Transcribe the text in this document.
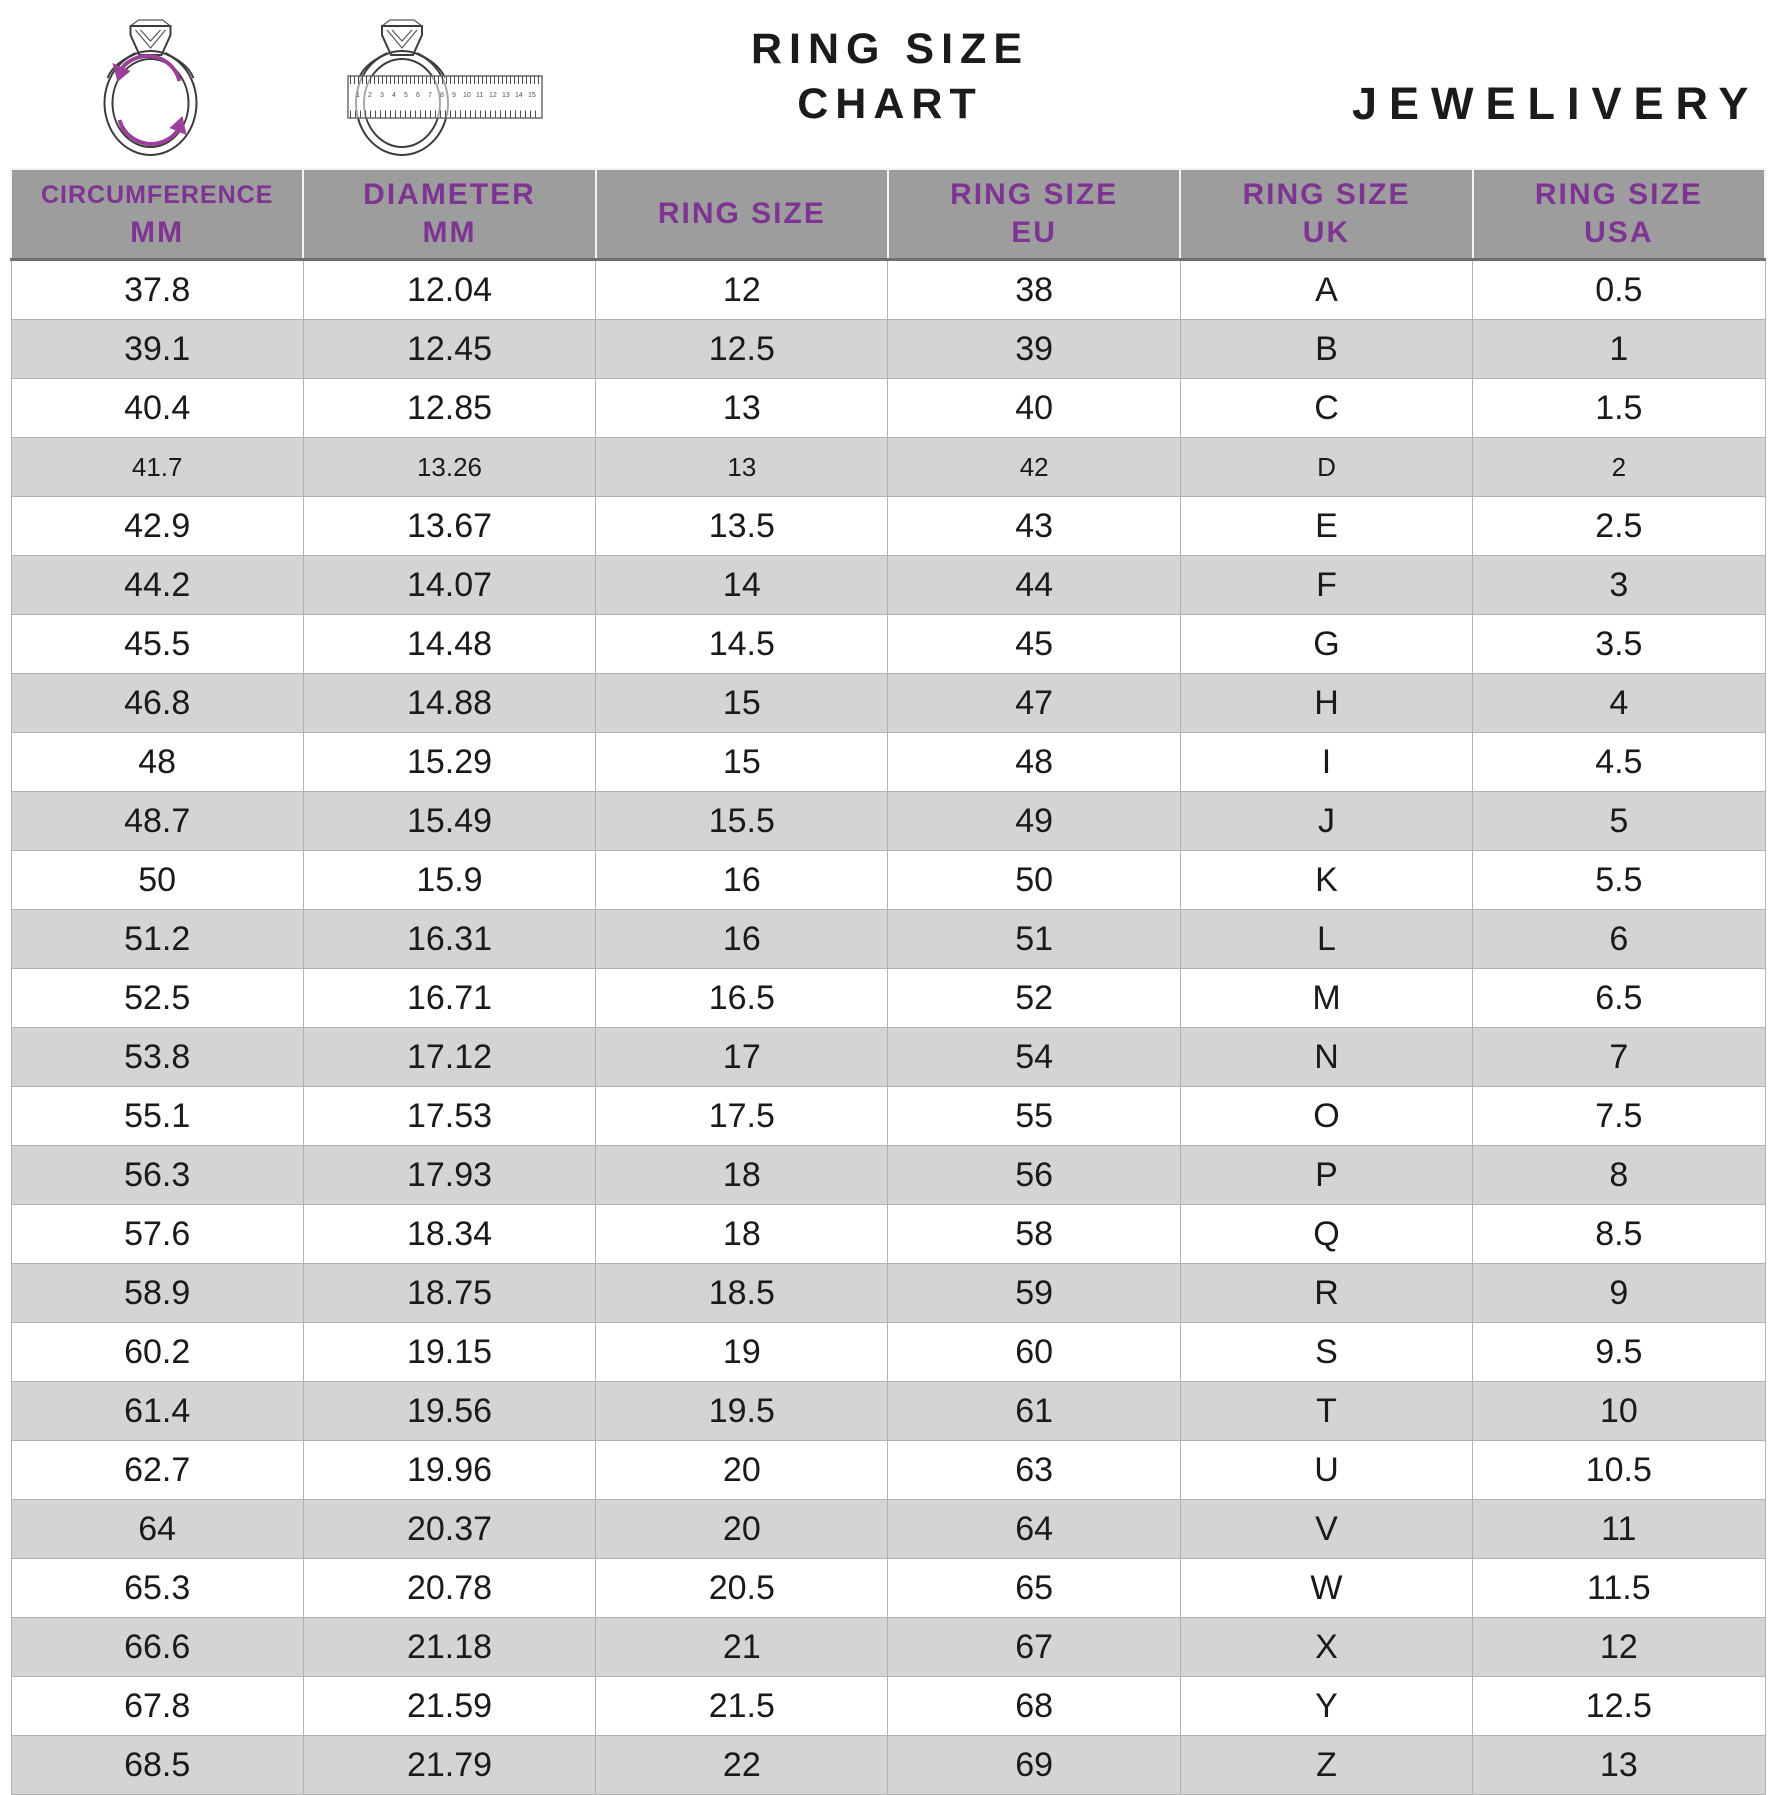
1 2 3 4 5 6 7 8 9 10 11 12 13 14 15
RING SIZE
CHART	JEWELIVERY
CIRCUMFERENCE
MM

DIAMETER
MM

RING SIZE

RING SIZE
EU

RING SIZE
UK

RING SIZE
USA

37.8	12.04	12	38	A	0.5
39.1	12.45	12.5	39	B	1
40.4	12.85	13	40	C	1.5
41.7	13.26	13	42	D	2
42.9	13.67	13.5	43	E	2.5
44.2	14.07	14	44	F	3
45.5	14.48	14.5	45	G	3.5
46.8	14.88	15	47	H	4
48	15.29	15	48	I	4.5
48.7	15.49	15.5	49	J	5
50	15.9	16	50	K	5.5
51.2	16.31	16	51	L	6
52.5	16.71	16.5	52	M	6.5
53.8	17.12	17	54	N	7
55.1	17.53	17.5	55	O	7.5
56.3	17.93	18	56	P	8
57.6	18.34	18	58	Q	8.5
58.9	18.75	18.5	59	R	9
60.2	19.15	19	60	S	9.5
61.4	19.56	19.5	61	T	10
62.7	19.96	20	63	U	10.5
64	20.37	20	64	V	11
65.3	20.78	20.5	65	W	11.5
66.6	21.18	21	67	X	12
67.8	21.59	21.5	68	Y	12.5
68.5	21.79	22	69	Z	13
